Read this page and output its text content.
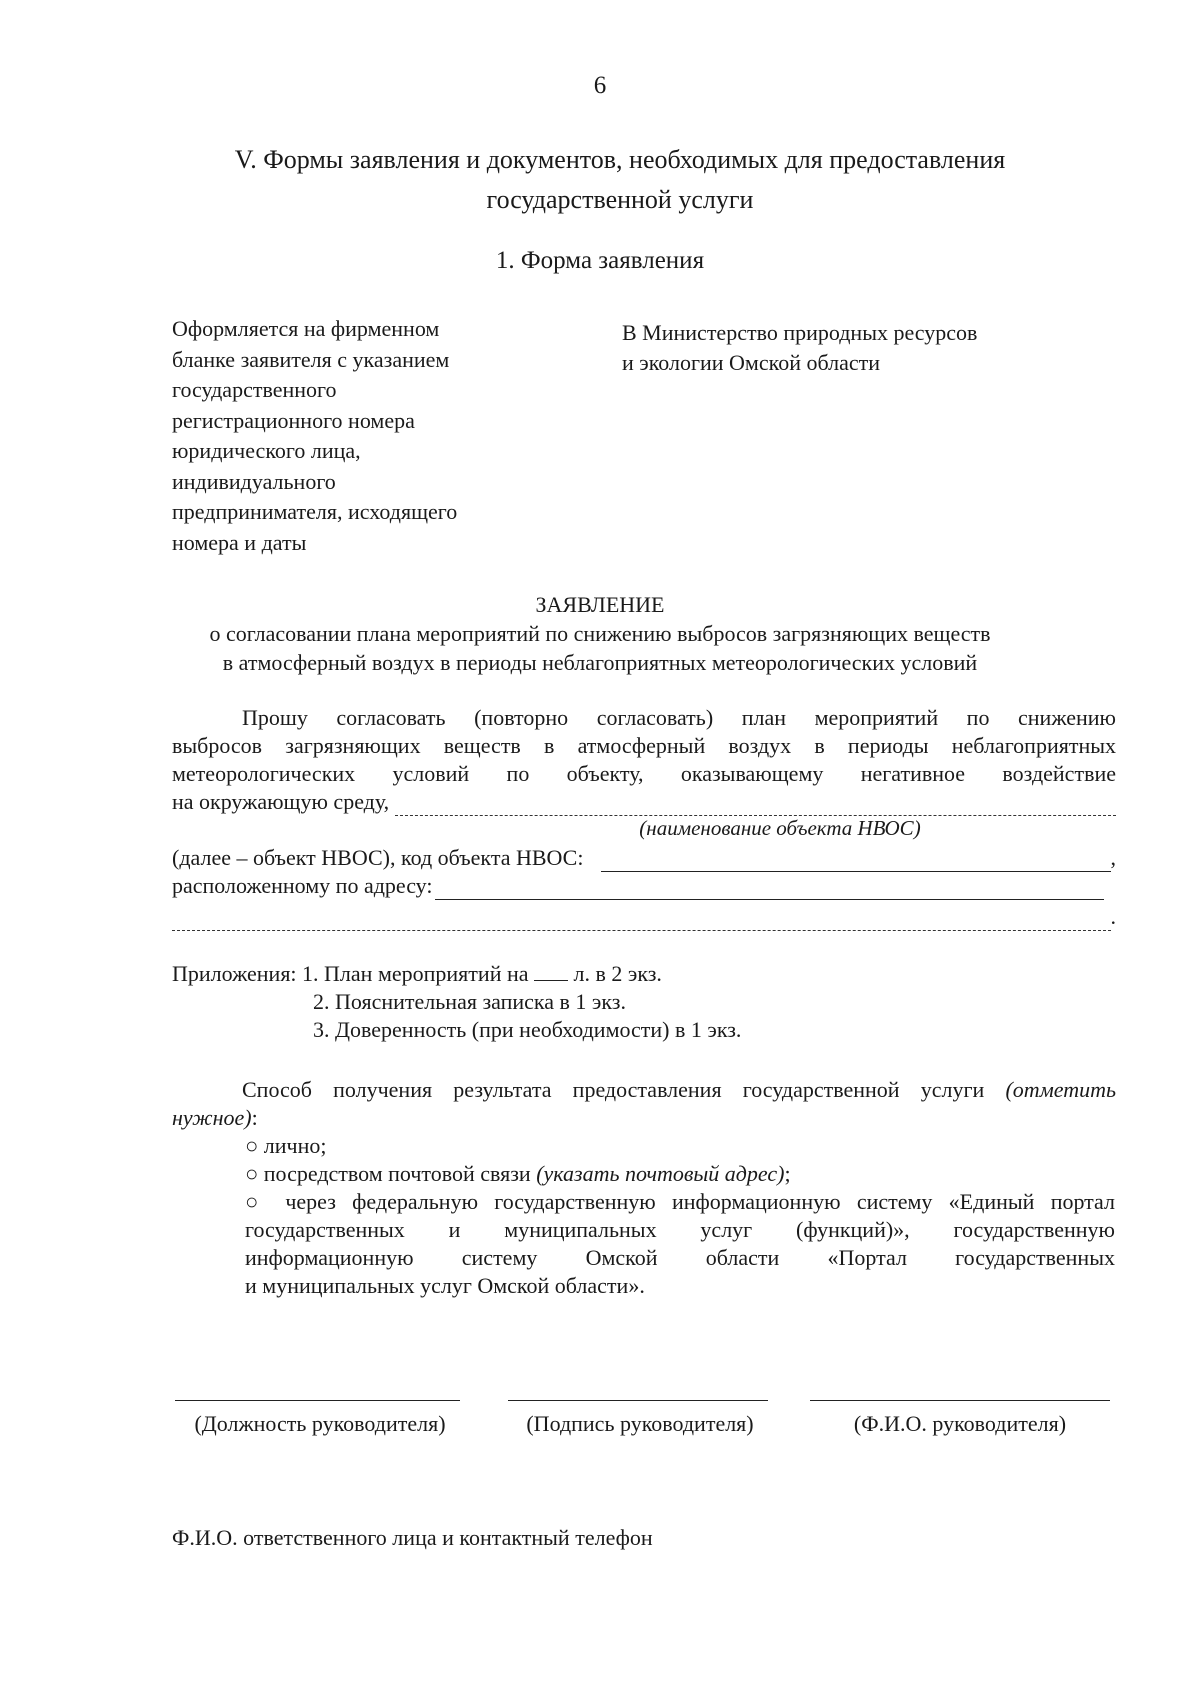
6
V. Формы заявления и документов, необходимых для предоставления
государственной услуги
1. Форма заявления
Оформляется на фирменном
бланке заявителя с указанием
государственного
регистрационного номера
юридического лица,
индивидуального
предпринимателя, исходящего
номера и даты
В Министерство природных ресурсов
и экологии Омской области
ЗАЯВЛЕНИЕ
о согласовании плана мероприятий по снижению выбросов загрязняющих веществ
в атмосферный воздух в периоды неблагоприятных метеорологических условий
Прошу согласовать (повторно согласовать) план мероприятий по снижению
выбросов загрязняющих веществ в атмосферный воздух в периоды неблагоприятных
метеорологических условий по объекту, оказывающему негативное воздействие
на окружающую среду,
(наименование объекта НВОС)
(далее – объект НВОС), код объекта НВОС:	,
расположенному по адресу:
.
Приложения: 1. План мероприятий на л. в 2 экз.
2. Пояснительная записка в 1 экз.
3. Доверенность (при необходимости) в 1 экз.
Способ получения результата предоставления государственной услуги (отметить
нужное):
○ лично;
○ посредством почтовой связи (указать почтовый адрес);
○ через федеральную государственную информационную систему «Единый портал
государственных и муниципальных услуг (функций)», государственную
информационную систему Омской области «Портал государственных
и муниципальных услуг Омской области».
(Должность руководителя)	(Подпись руководителя)	(Ф.И.О. руководителя)
Ф.И.О. ответственного лица и контактный телефон
